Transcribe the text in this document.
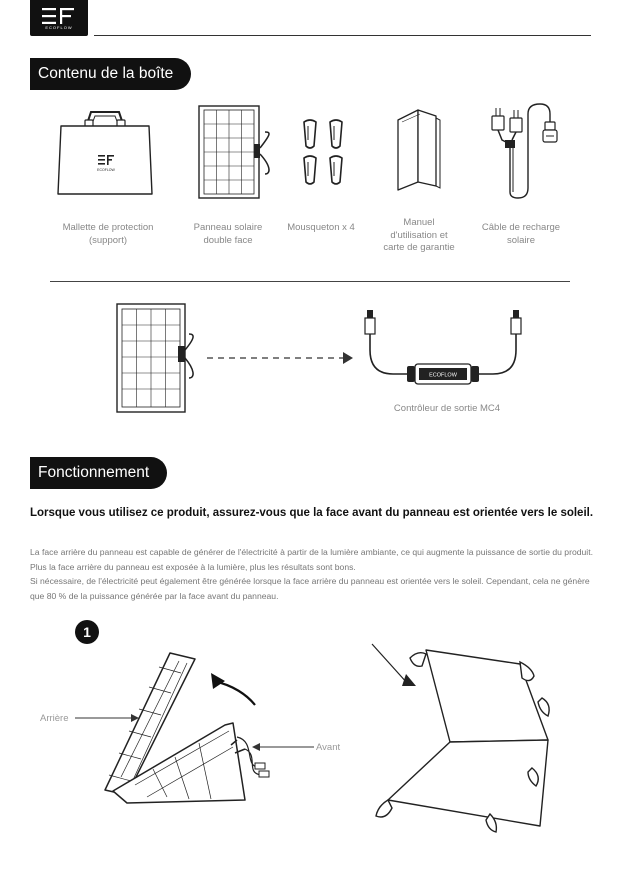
ECOFLOW
Contenu de la boîte
ECOFLOW
Mallette de protection (support)
Panneau solaire double face
Mousqueton x 4	Manuel d'utilisation et carte de garantie
Câble de recharge solaire
ECOFLOW
Contrôleur de sortie MC4
Fonctionnement
Lorsque vous utilisez ce produit, assurez-vous que la face avant du panneau est orientée vers le soleil.
La face arrière du panneau est capable de générer de l'électricité à partir de la lumière ambiante, ce qui augmente la puissance de sortie du produit. Plus la face arrière du panneau est exposée à la lumière, plus les résultats sont bons.
Si nécessaire, de l'électricité peut également être générée lorsque la face arrière du panneau est orientée vers le soleil. Cependant, cela ne génère que 80 % de la puissance générée par la face avant du panneau.
1
Arrière
Avant
